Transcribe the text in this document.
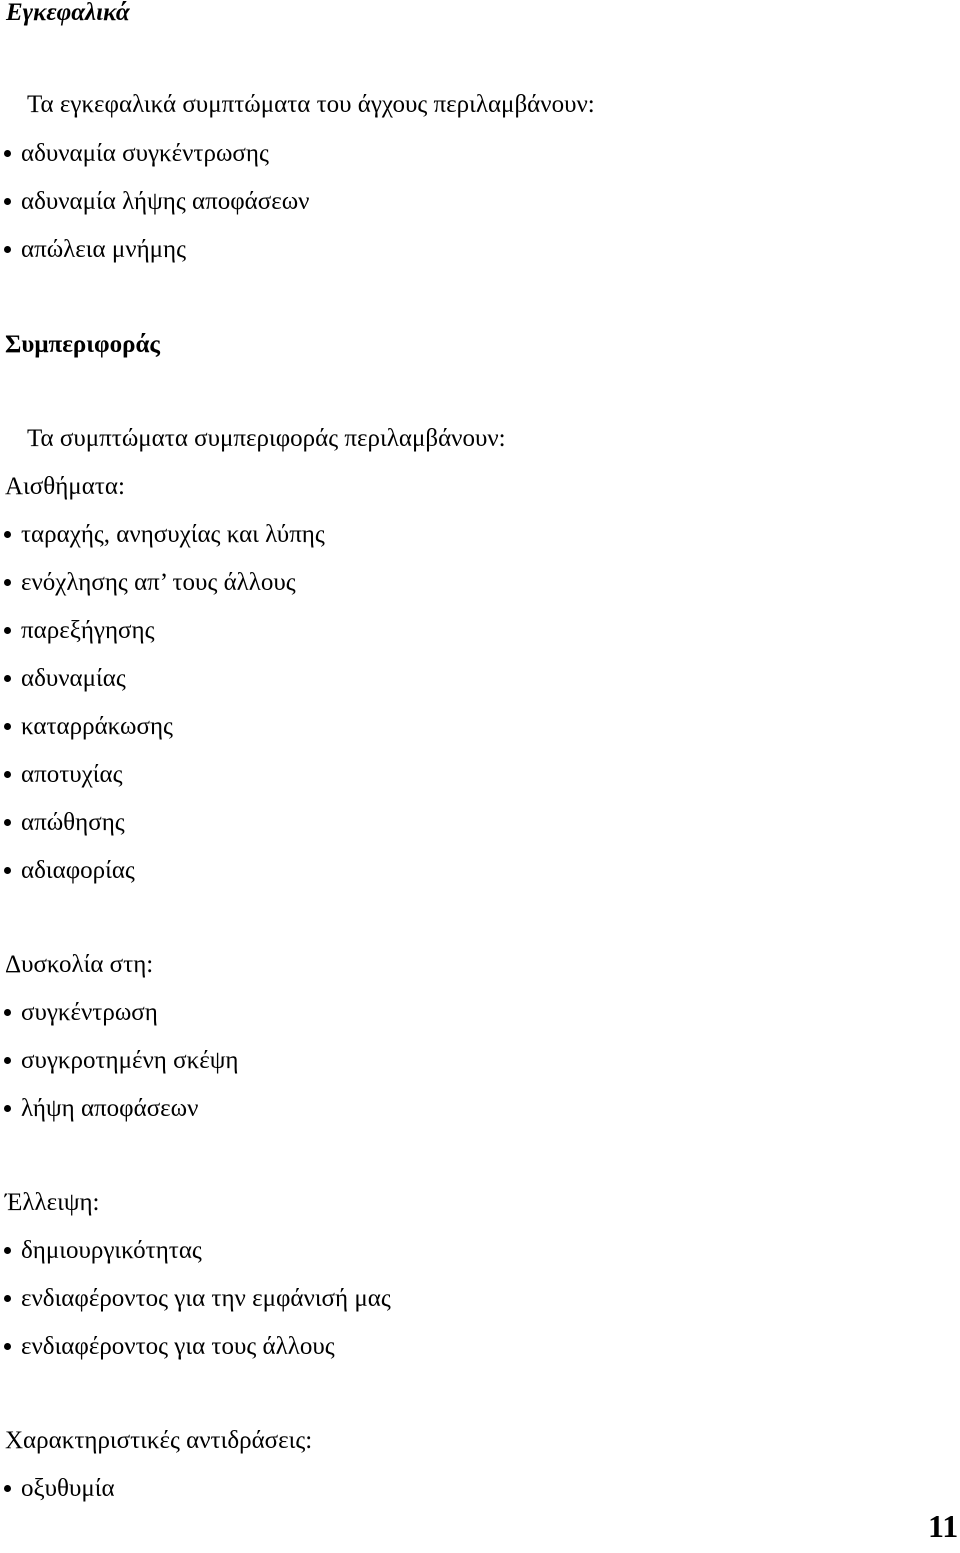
Εγκεφαλικά
Τα εγκεφαλικά συμπτώματα του άγχους περιλαμβάνουν:
αδυναμία συγκέντρωσης
αδυναμία λήψης αποφάσεων
απώλεια μνήμης
Συμπεριφοράς
Τα συμπτώματα συμπεριφοράς περιλαμβάνουν:
Αισθήματα:
ταραχής, ανησυχίας και λύπης
ενόχλησης απ’ τους άλλους
παρεξήγησης
αδυναμίας
καταρράκωσης
αποτυχίας
απώθησης
αδιαφορίας
Δυσκολία στη:
συγκέντρωση
συγκροτημένη σκέψη
λήψη αποφάσεων
Έλλειψη:
δημιουργικότητας
ενδιαφέροντος για την εμφάνισή μας
ενδιαφέροντος για τους άλλους
Χαρακτηριστικές αντιδράσεις:
οξυθυμία
11
